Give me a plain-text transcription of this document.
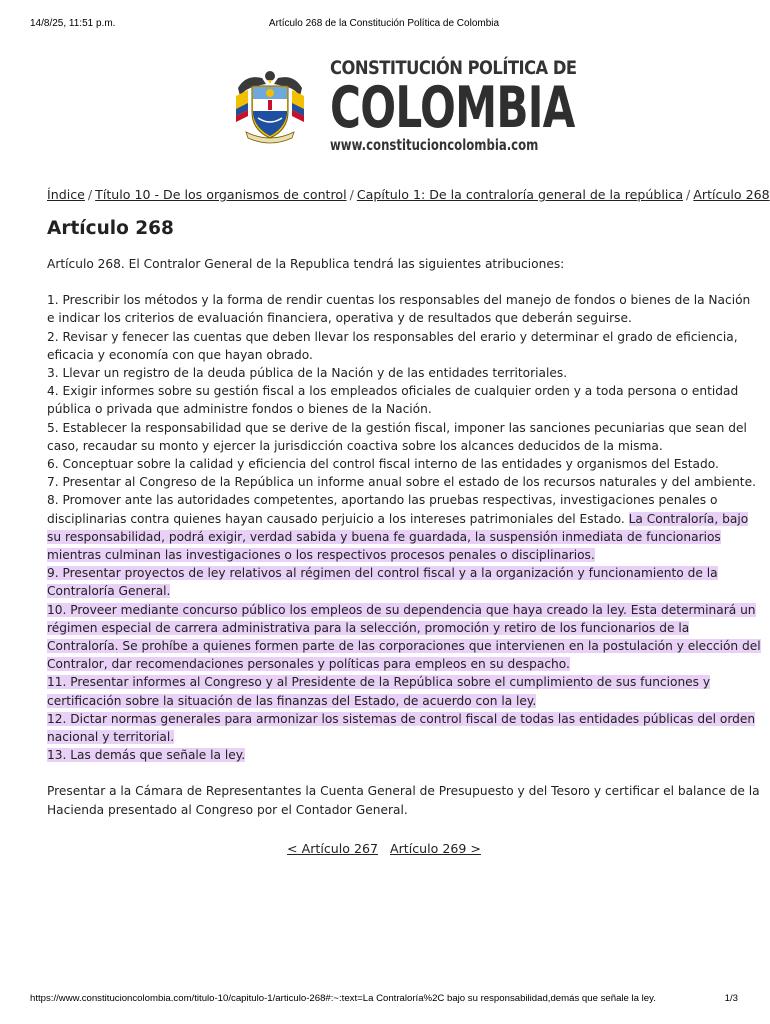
14/8/25, 11:51 p.m.	Artículo 268 de la Constitución Política de Colombia
CONSTITUCIÓN POLÍTICA DE
COLOMBIA
www.constitucioncolombia.com
Índice / Título 10 - De los organismos de control / Capítulo 1: De la contraloría general de la república / Artículo 268
Artículo 268

Artículo 268. El Contralor General de la Republica tendrá las siguientes atribuciones:

1. Prescribir los métodos y la forma de rendir cuentas los responsables del manejo de fondos o bienes de la Nación
e indicar los criterios de evaluación financiera, operativa y de resultados que deberán seguirse.
2. Revisar y fenecer las cuentas que deben llevar los responsables del erario y determinar el grado de eficiencia,
eficacia y economía con que hayan obrado.
3. Llevar un registro de la deuda pública de la Nación y de las entidades territoriales.
4. Exigir informes sobre su gestión fiscal a los empleados oficiales de cualquier orden y a toda persona o entidad
pública o privada que administre fondos o bienes de la Nación.
5. Establecer la responsabilidad que se derive de la gestión fiscal, imponer las sanciones pecuniarias que sean del
caso, recaudar su monto y ejercer la jurisdicción coactiva sobre los alcances deducidos de la misma.
6. Conceptuar sobre la calidad y eficiencia del control fiscal interno de las entidades y organismos del Estado.
7. Presentar al Congreso de la República un informe anual sobre el estado de los recursos naturales y del ambiente.
8. Promover ante las autoridades competentes, aportando las pruebas respectivas, investigaciones penales o
disciplinarias contra quienes hayan causado perjuicio a los intereses patrimoniales del Estado. La Contraloría, bajo
su responsabilidad, podrá exigir, verdad sabida y buena fe guardada, la suspensión inmediata de funcionarios
mientras culminan las investigaciones o los respectivos procesos penales o disciplinarios.
9. Presentar proyectos de ley relativos al régimen del control fiscal y a la organización y funcionamiento de la
Contraloría General.
10. Proveer mediante concurso público los empleos de su dependencia que haya creado la ley. Esta determinará un
régimen especial de carrera administrativa para la selección, promoción y retiro de los funcionarios de la
Contraloría. Se prohíbe a quienes formen parte de las corporaciones que intervienen en la postulación y elección del
Contralor, dar recomendaciones personales y políticas para empleos en su despacho.
11. Presentar informes al Congreso y al Presidente de la República sobre el cumplimiento de sus funciones y
certificación sobre la situación de las finanzas del Estado, de acuerdo con la ley.
12. Dictar normas generales para armonizar los sistemas de control fiscal de todas las entidades públicas del orden
nacional y territorial.
13. Las demás que señale la ley.
Presentar a la Cámara de Representantes la Cuenta General de Presupuesto y del Tesoro y certificar el balance de la
Hacienda presentado al Congreso por el Contador General.
< Artículo 267 Artículo 269 >
https://www.constitucioncolombia.com/titulo-10/capitulo-1/articulo-268#:~:text=La Contraloría%2C bajo su responsabilidad,demás que señale la ley.	1/3
